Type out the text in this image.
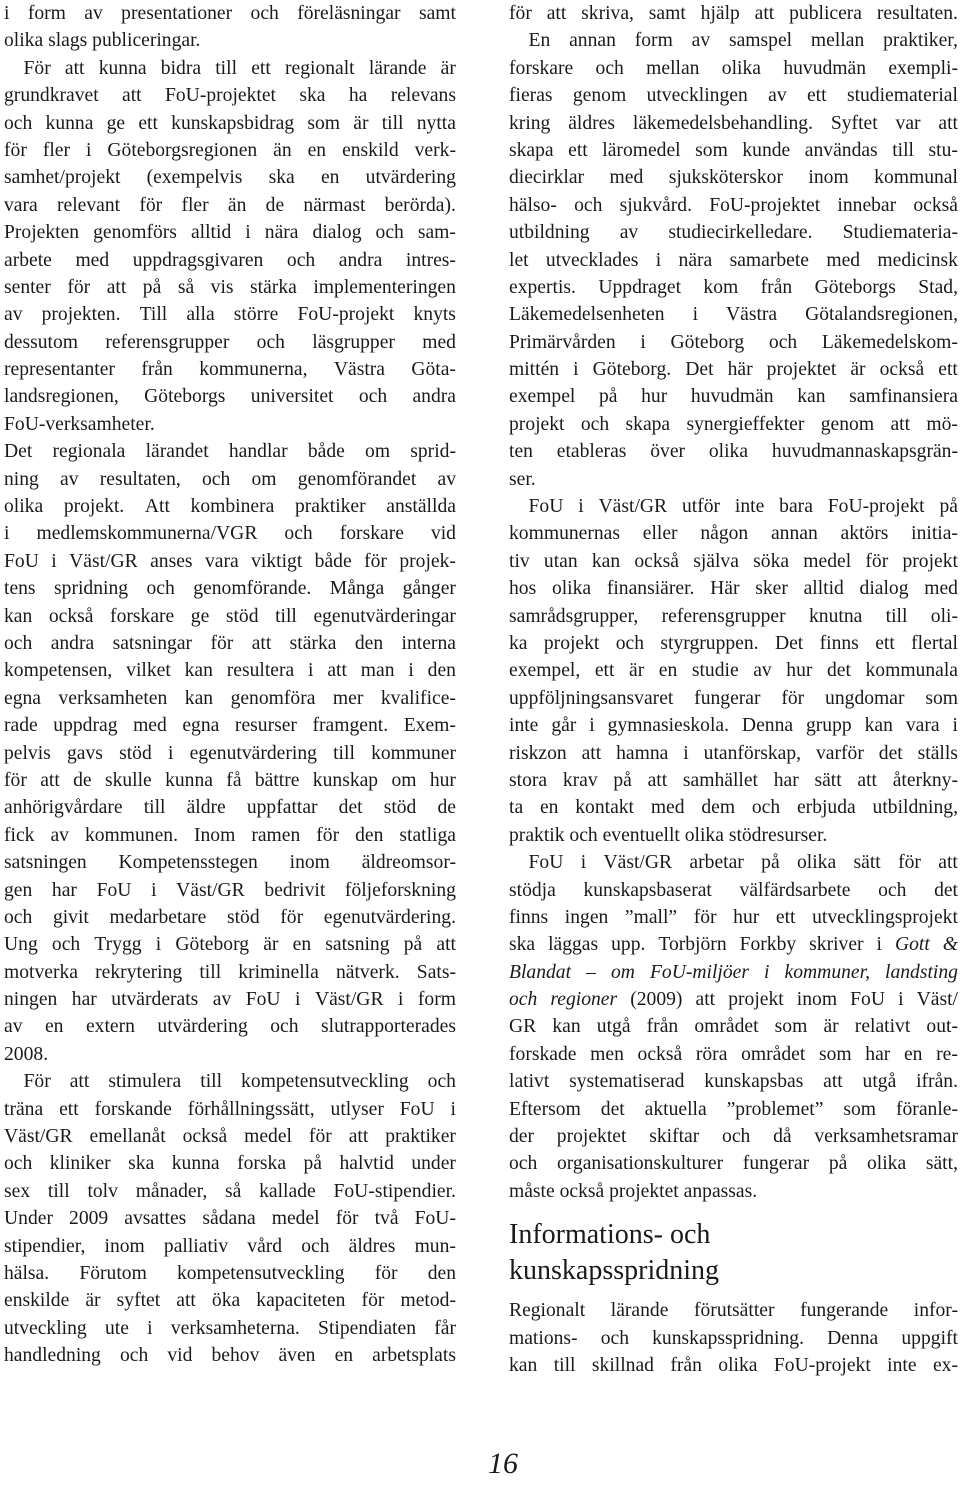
i form av presentationer och föreläsningar samt
olika slags publiceringar.
För att kunna bidra till ett regionalt lärande är
grundkravet att FoU-projektet ska ha relevans
och kunna ge ett kunskapsbidrag som är till nytta
för fler i Göteborgsregionen än en enskild verk-
samhet/projekt (exempelvis ska en utvärdering
vara relevant för fler än de närmast berörda).
Projekten genomförs alltid i nära dialog och sam-
arbete med uppdragsgivaren och andra intres-
senter för att på så vis stärka implementeringen
av projekten. Till alla större FoU-projekt knyts
dessutom referensgrupper och läsgrupper med
representanter från kommunerna, Västra Göta-
landsregionen, Göteborgs universitet och andra
FoU-verksamheter.
Det regionala lärandet handlar både om sprid-
ning av resultaten, och om genomförandet av
olika projekt. Att kombinera praktiker anställda
i medlemskommunerna/VGR och forskare vid
FoU i Väst/GR anses vara viktigt både för projek-
tens spridning och genomförande. Många gånger
kan också forskare ge stöd till egenutvärderingar
och andra satsningar för att stärka den interna
kompetensen, vilket kan resultera i att man i den
egna verksamheten kan genomföra mer kvalifice-
rade uppdrag med egna resurser framgent. Exem-
pelvis gavs stöd i egenutvärdering till kommuner
för att de skulle kunna få bättre kunskap om hur
anhörigvårdare till äldre uppfattar det stöd de
fick av kommunen. Inom ramen för den statliga
satsningen Kompetensstegen inom äldreomsor-
gen har FoU i Väst/GR bedrivit följeforskning
och givit medarbetare stöd för egenutvärdering.
Ung och Trygg i Göteborg är en satsning på att
motverka rekrytering till kriminella nätverk. Sats-
ningen har utvärderats av FoU i Väst/GR i form
av en extern utvärdering och slutrapporterades
2008.
För att stimulera till kompetensutveckling och
träna ett forskande förhållningssätt, utlyser FoU i
Väst/GR emellanåt också medel för att praktiker
och kliniker ska kunna forska på halvtid under
sex till tolv månader, så kallade FoU-stipendier.
Under 2009 avsattes sådana medel för två FoU-
stipendier, inom palliativ vård och äldres mun-
hälsa. Förutom kompetensutveckling för den
enskilde är syftet att öka kapaciteten för metod-
utveckling ute i verksamheterna. Stipendiaten får
handledning och vid behov även en arbetsplats
för att skriva, samt hjälp att publicera resultaten.
En annan form av samspel mellan praktiker,
forskare och mellan olika huvudmän exempli-
fieras genom utvecklingen av ett studiematerial
kring äldres läkemedelsbehandling. Syftet var att
skapa ett läromedel som kunde användas till stu-
diecirklar med sjuksköterskor inom kommunal
hälso- och sjukvård. FoU-projektet innebar också
utbildning av studiecirkelledare. Studiemateria-
let utvecklades i nära samarbete med medicinsk
expertis. Uppdraget kom från Göteborgs Stad,
Läkemedelsenheten i Västra Götalandsregionen,
Primärvården i Göteborg och Läkemedelskom-
mittén i Göteborg. Det här projektet är också ett
exempel på hur huvudmän kan samfinansiera
projekt och skapa synergieffekter genom att mö-
ten etableras över olika huvudmannaskapsgrän-
ser.
FoU i Väst/GR utför inte bara FoU-projekt på
kommunernas eller någon annan aktörs initia-
tiv utan kan också själva söka medel för projekt
hos olika finansiärer. Här sker alltid dialog med
samrådsgrupper, referensgrupper knutna till oli-
ka projekt och styrgruppen. Det finns ett flertal
exempel, ett är en studie av hur det kommunala
uppföljningsansvaret fungerar för ungdomar som
inte går i gymnasieskola. Denna grupp kan vara i
riskzon att hamna i utanförskap, varför det ställs
stora krav på att samhället har sätt att återkny-
ta en kontakt med dem och erbjuda utbildning,
praktik och eventuellt olika stödresurser.
FoU i Väst/GR arbetar på olika sätt för att
stödja kunskapsbaserat välfärdsarbete och det
finns ingen ”mall” för hur ett utvecklingsprojekt
ska läggas upp. Torbjörn Forkby skriver i Gott &
Blandat – om FoU-miljöer i kommuner, landsting
och regioner (2009) att projekt inom FoU i Väst/
GR kan utgå från området som är relativt out-
forskade men också röra området som har en re-
lativt systematiserad kunskapsbas att utgå ifrån.
Eftersom det aktuella ”problemet” som föranle-
der projektet skiftar och då verksamhetsramar
och organisationskulturer fungerar på olika sätt,
måste också projektet anpassas.
Informations- och
kunskapsspridning
Regionalt lärande förutsätter fungerande infor-
mations- och kunskapsspridning. Denna uppgift
kan till skillnad från olika FoU-projekt inte ex-
16
